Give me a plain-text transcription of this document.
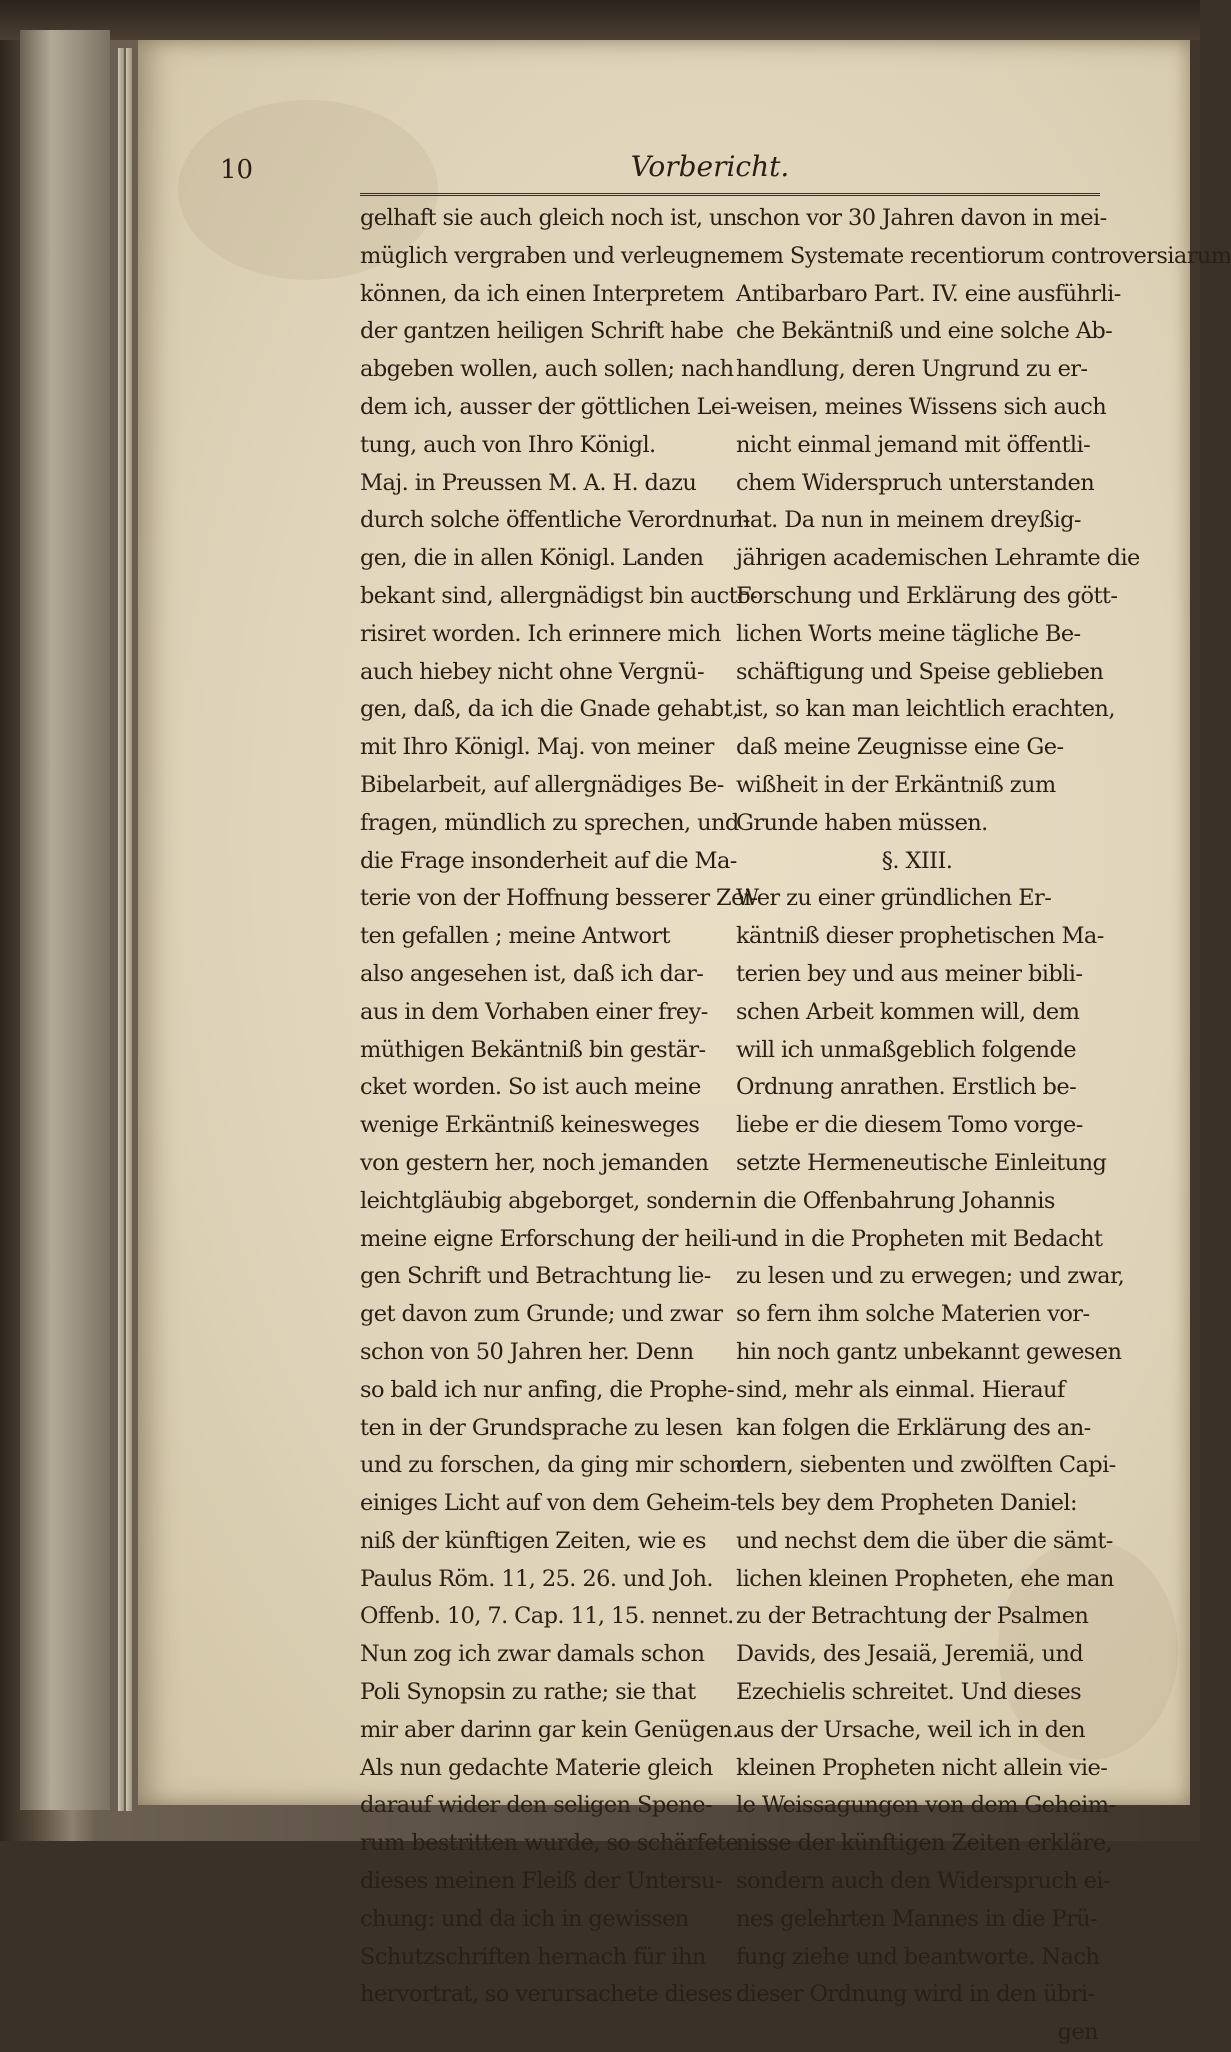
10	Vorbericht.
gelhaft sie auch gleich noch ist, un-
müglich vergraben und verleugnen
können, da ich einen Interpretem
der gantzen heiligen Schrift habe
abgeben wollen, auch sollen; nach
dem ich, ausser der göttlichen Lei-
tung, auch von Ihro Königl.
Maj. in Preussen M. A. H. dazu
durch solche öffentliche Verordnun-
gen, die in allen Königl. Landen
bekant sind, allergnädigst bin aucto-
risiret worden. Ich erinnere mich
auch hiebey nicht ohne Vergnü-
gen, daß, da ich die Gnade gehabt,
mit Ihro Königl. Maj. von meiner
Bibelarbeit, auf allergnädiges Be-
fragen, mündlich zu sprechen, und
die Frage insonderheit auf die Ma-
terie von der Hoffnung besserer Zei-
ten gefallen ; meine Antwort
also angesehen ist, daß ich dar-
aus in dem Vorhaben einer frey-
müthigen Bekäntniß bin gestär-
cket worden. So ist auch meine
wenige Erkäntniß keinesweges
von gestern her, noch jemanden
leichtgläubig abgeborget, sondern
meine eigne Erforschung der heili-
gen Schrift und Betrachtung lie-
get davon zum Grunde; und zwar
schon von 50 Jahren her. Denn
so bald ich nur anfing, die Prophe-
ten in der Grundsprache zu lesen
und zu forschen, da ging mir schon
einiges Licht auf von dem Geheim-
niß der künftigen Zeiten, wie es
Paulus Röm. 11, 25. 26. und Joh.
Offenb. 10, 7. Cap. 11, 15. nennet.
Nun zog ich zwar damals schon
Poli Synopsin zu rathe; sie that
mir aber darinn gar kein Genügen.
Als nun gedachte Materie gleich
darauf wider den seligen Spene-
rum bestritten wurde, so schärfete
dieses meinen Fleiß der Untersu-
chung: und da ich in gewissen
Schutzschriften hernach für ihn
hervortrat, so verursachete dieses
schon vor 30 Jahren davon in mei-
nem Systemate recentiorum controversiarum
Antibarbaro Part. IV. eine ausführli-
che Bekäntniß und eine solche Ab-
handlung, deren Ungrund zu er-
weisen, meines Wissens sich auch
nicht einmal jemand mit öffentli-
chem Widerspruch unterstanden
hat. Da nun in meinem dreyßig-
jährigen academischen Lehramte die
Forschung und Erklärung des gött-
lichen Worts meine tägliche Be-
schäftigung und Speise geblieben
ist, so kan man leichtlich erachten,
daß meine Zeugnisse eine Ge-
wißheit in der Erkäntniß zum
Grunde haben müssen.
§. XIII.
Wer zu einer gründlichen Er-
käntniß dieser prophetischen Ma-
terien bey und aus meiner bibli-
schen Arbeit kommen will, dem
will ich unmaßgeblich folgende
Ordnung anrathen. Erstlich be-
liebe er die diesem Tomo vorge-
setzte Hermeneutische Einleitung
in die Offenbahrung Johannis
und in die Propheten mit Bedacht
zu lesen und zu erwegen; und zwar,
so fern ihm solche Materien vor-
hin noch gantz unbekannt gewesen
sind, mehr als einmal. Hierauf
kan folgen die Erklärung des an-
dern, siebenten und zwölften Capi-
tels bey dem Propheten Daniel:
und nechst dem die über die sämt-
lichen kleinen Propheten, ehe man
zu der Betrachtung der Psalmen
Davids, des Jesaiä, Jeremiä, und
Ezechielis schreitet. Und dieses
aus der Ursache, weil ich in den
kleinen Propheten nicht allein vie-
le Weissagungen von dem Geheim-
nisse der künftigen Zeiten erkläre,
sondern auch den Widerspruch ei-
nes gelehrten Mannes in die Prü-
fung ziehe und beantworte. Nach
dieser Ordnung wird in den übri-
gen
